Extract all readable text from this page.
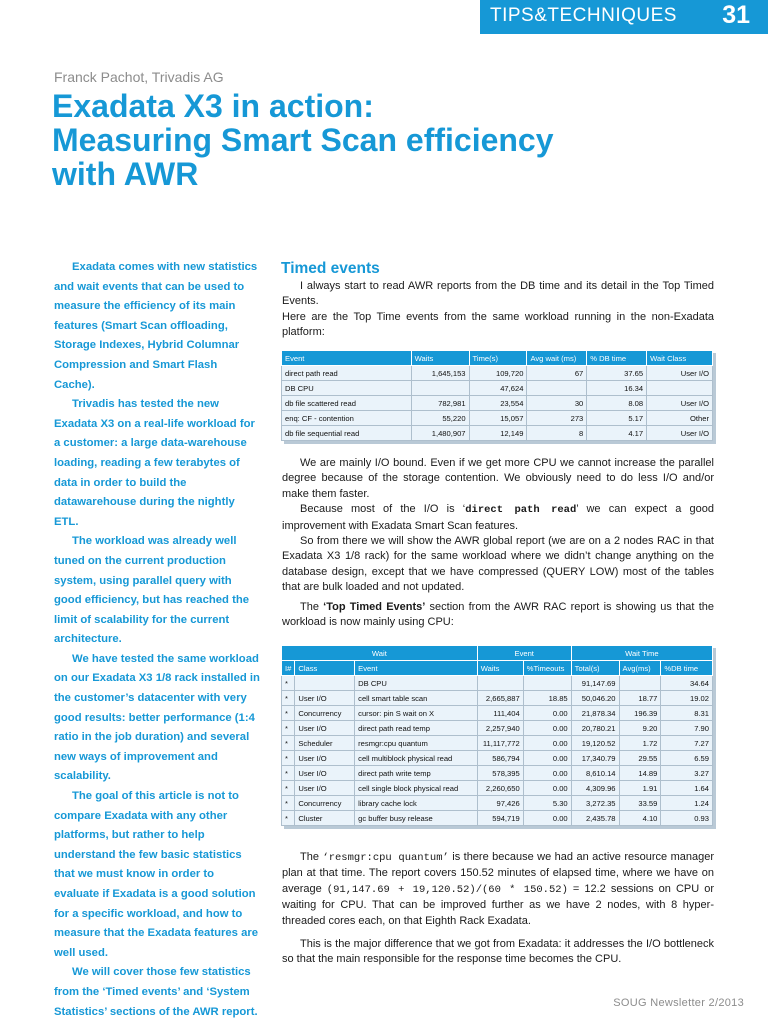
TIPS&TECHNIQUES 31
Franck Pachot, Trivadis AG
Exadata X3 in action:
Measuring Smart Scan efficiency
with AWR

Exadata comes with new statistics and wait events that can be used to measure the efficiency of its main features (Smart Scan offloading, Storage Indexes, Hybrid Columnar Compression and Smart Flash Cache).

Trivadis has tested the new Exadata X3 on a real-life workload for a customer: a large data-warehouse loading, reading a few terabytes of data in order to build the datawarehouse during the nightly ETL.

The workload was already well tuned on the current production system, using parallel query with good efficiency, but has reached the limit of scalability for the current architecture.

We have tested the same workload on our Exadata X3 1/8 rack installed in the customer’s datacenter with very good results: better performance (1:4 ratio in the job duration) and several new ways of improvement and scalability.

The goal of this article is not to compare Exadata with any other platforms, but rather to help understand the few basic statistics that we must know in order to evaluate if Exadata is a good solution for a specific workload, and how to measure that the Exadata features are well used.

We will cover those few statistics from the ‘Timed events’ and ‘System Statistics’ sections of the AWR report.

Timed events

I always start to read AWR reports from the DB time and its detail in the Top Timed Events.

Here are the Top Time events from the same workload running in the non-Exadata platform:

Event	Waits	Time(s)	Avg wait (ms)	% DB time	Wait Class
direct path read	1,645,153	109,720	67	37.65	User I/O
DB CPU		47,624		16.34	
db file scattered read	782,981	23,554	30	8.08	User I/O
enq: CF - contention	55,220	15,057	273	5.17	Other
db file sequential read	1,480,907	12,149	8	4.17	User I/O

We are mainly I/O bound. Even if we get more CPU we cannot increase the parallel degree because of the storage contention. We obviously need to do less I/O and/or make them faster.

Because most of the I/O is ‘direct path read’ we can expect a good improvement with Exadata Smart Scan features.

So from there we will show the AWR global report (we are on a 2 nodes RAC in that Exadata X3 1/8 rack) for the same workload where we didn’t change anything on the database design, except that we have compressed (QUERY LOW) most of the tables that are bulk loaded and not updated.

The ‘Top Timed Events’ section from the AWR RAC report is showing us that the workload is now mainly using CPU:

Wait			Event		Wait Time		
I#	Class	Event	Waits	%Timeouts	Total(s)	Avg(ms)	%DB time
*		DB CPU			91,147.69		34.64
*	User I/O	cell smart table scan	2,665,887	18.85	50,046.20	18.77	19.02
*	Concurrency	cursor: pin S wait on X	111,404	0.00	21,878.34	196.39	8.31
*	User I/O	direct path read temp	2,257,940	0.00	20,780.21	9.20	7.90
*	Scheduler	resmgr:cpu quantum	11,117,772	0.00	19,120.52	1.72	7.27
*	User I/O	cell multiblock physical read	586,794	0.00	17,340.79	29.55	6.59
*	User I/O	direct path write temp	578,395	0.00	8,610.14	14.89	3.27
*	User I/O	cell single block physical read	2,260,650	0.00	4,309.96	1.91	1.64
*	Concurrency	library cache lock	97,426	5.30	3,272.35	33.59	1.24
*	Cluster	gc buffer busy release	594,719	0.00	2,435.78	4.10	0.93

The ‘resmgr:cpu quantum’ is there because we had an active resource manager plan at that time. The report covers 150.52 minutes of elapsed time, where we have on average (91,147.69 + 19,120.52)/(60 * 150.52) = 12.2 sessions on CPU or waiting for CPU. That can be improved further as we have 2 nodes, with 8 hyper-threaded cores each, on that Eighth Rack Exadata.

This is the major difference that we got from Exadata: it addresses the I/O bottleneck so that the main responsible for the response time becomes the CPU.

SOUG Newsletter 2/2013
